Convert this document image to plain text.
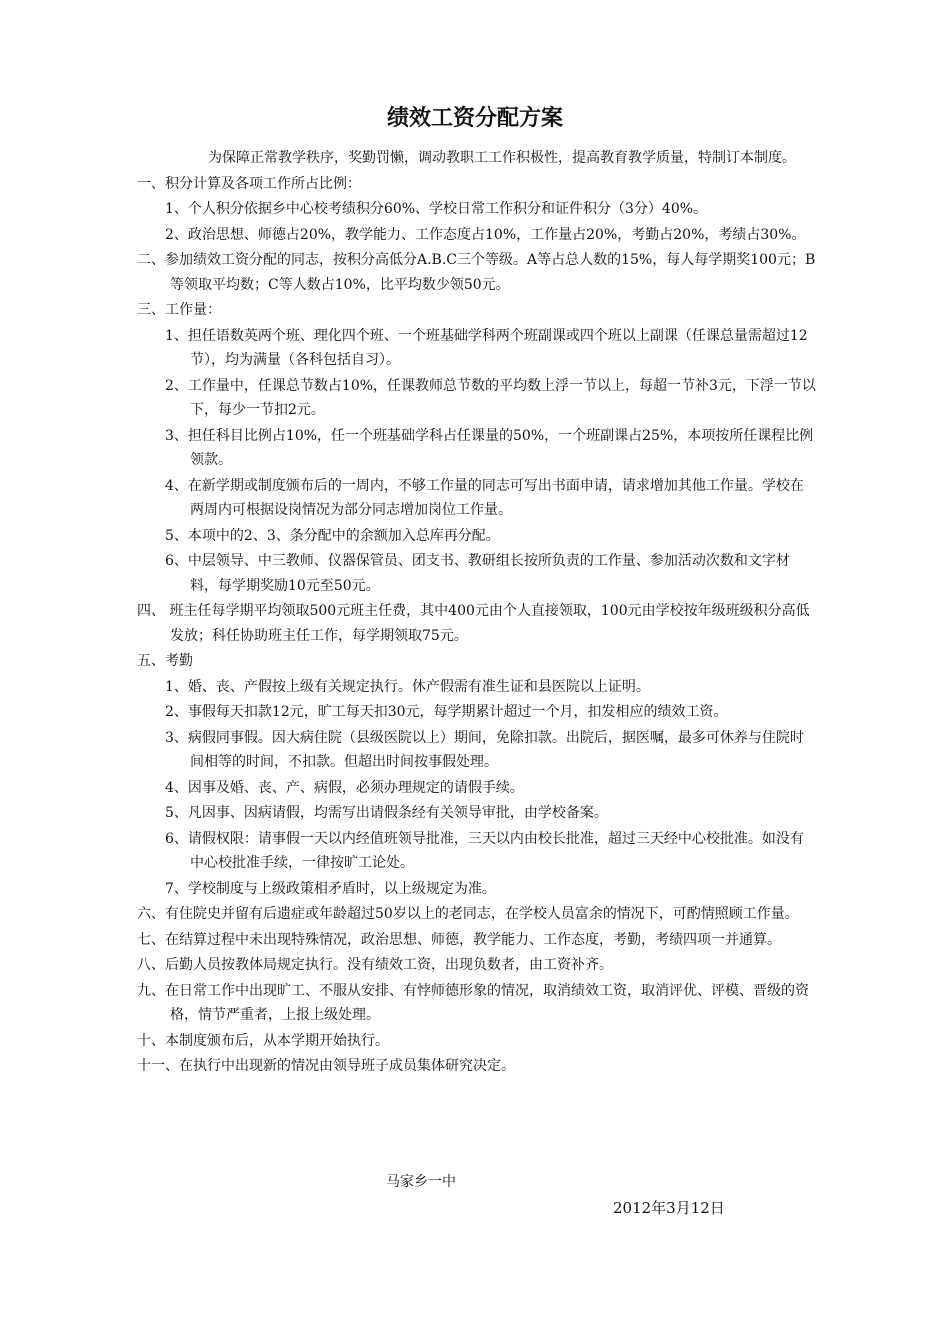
绩效工资分配方案

为保障正常教学秩序，奖勤罚懒，调动教职工工作积极性，提高教育教学质量，特制订本制度。

一、积分计算及各项工作所占比例：

1、个人积分依据乡中心校考绩积分60%、学校日常工作积分和证件积分（3分）40%。

2、政治思想、师德占20%，教学能力、工作态度占10%，工作量占20%，考勤占20%，考绩占30%。

二、参加绩效工资分配的同志，按积分高低分A.B.C三个等级。A等占总人数的15%，每人每学期奖100元；B等领取平均数；C等人数占10%，比平均数少领50元。

三、工作量：

1、担任语数英两个班、理化四个班、一个班基础学科两个班副课或四个班以上副课（任课总量需超过12节），均为满量（各科包括自习）。

2、工作量中，任课总节数占10%，任课教师总节数的平均数上浮一节以上，每超一节补3元，下浮一节以下，每少一节扣2元。

3、担任科目比例占10%，任一个班基础学科占任课量的50%，一个班副课占25%，本项按所任课程比例领款。

4、在新学期或制度颁布后的一周内，不够工作量的同志可写出书面申请，请求增加其他工作量。学校在两周内可根据设岗情况为部分同志增加岗位工作量。

5、本项中的2、3、条分配中的余额加入总库再分配。

6、中层领导、中三教师、仪器保管员、团支书、教研组长按所负责的工作量、参加活动次数和文字材料，每学期奖励10元至50元。

四、 班主任每学期平均领取500元班主任费，其中400元由个人直接领取，100元由学校按年级班级积分高低发放；科任协助班主任工作，每学期领取75元。

五、考勤

1、婚、丧、产假按上级有关规定执行。休产假需有准生证和县医院以上证明。

2、事假每天扣款12元，旷工每天扣30元，每学期累计超过一个月，扣发相应的绩效工资。

3、病假同事假。因大病住院（县级医院以上）期间，免除扣款。出院后，据医嘱，最多可休养与住院时间相等的时间，不扣款。但超出时间按事假处理。

4、因事及婚、丧、产、病假，必须办理规定的请假手续。

5、凡因事、因病请假，均需写出请假条经有关领导审批，由学校备案。

6、请假权限：请事假一天以内经值班领导批准，三天以内由校长批准，超过三天经中心校批准。如没有中心校批准手续，一律按旷工论处。

7、学校制度与上级政策相矛盾时，以上级规定为准。

六、有住院史并留有后遗症或年龄超过50岁以上的老同志，在学校人员富余的情况下，可酌情照顾工作量。

七、在结算过程中未出现特殊情况，政治思想、师德，教学能力、工作态度，考勤，考绩四项一并通算。

八、后勤人员按教体局规定执行。没有绩效工资，出现负数者，由工资补齐。

九、在日常工作中出现旷工、不服从安排、有悖师德形象的情况，取消绩效工资，取消评优、评模、晋级的资格，情节严重者，上报上级处理。

十、本制度颁布后，从本学期开始执行。

十一、在执行中出现新的情况由领导班子成员集体研究决定。

马家乡一中
2012年3月12日
